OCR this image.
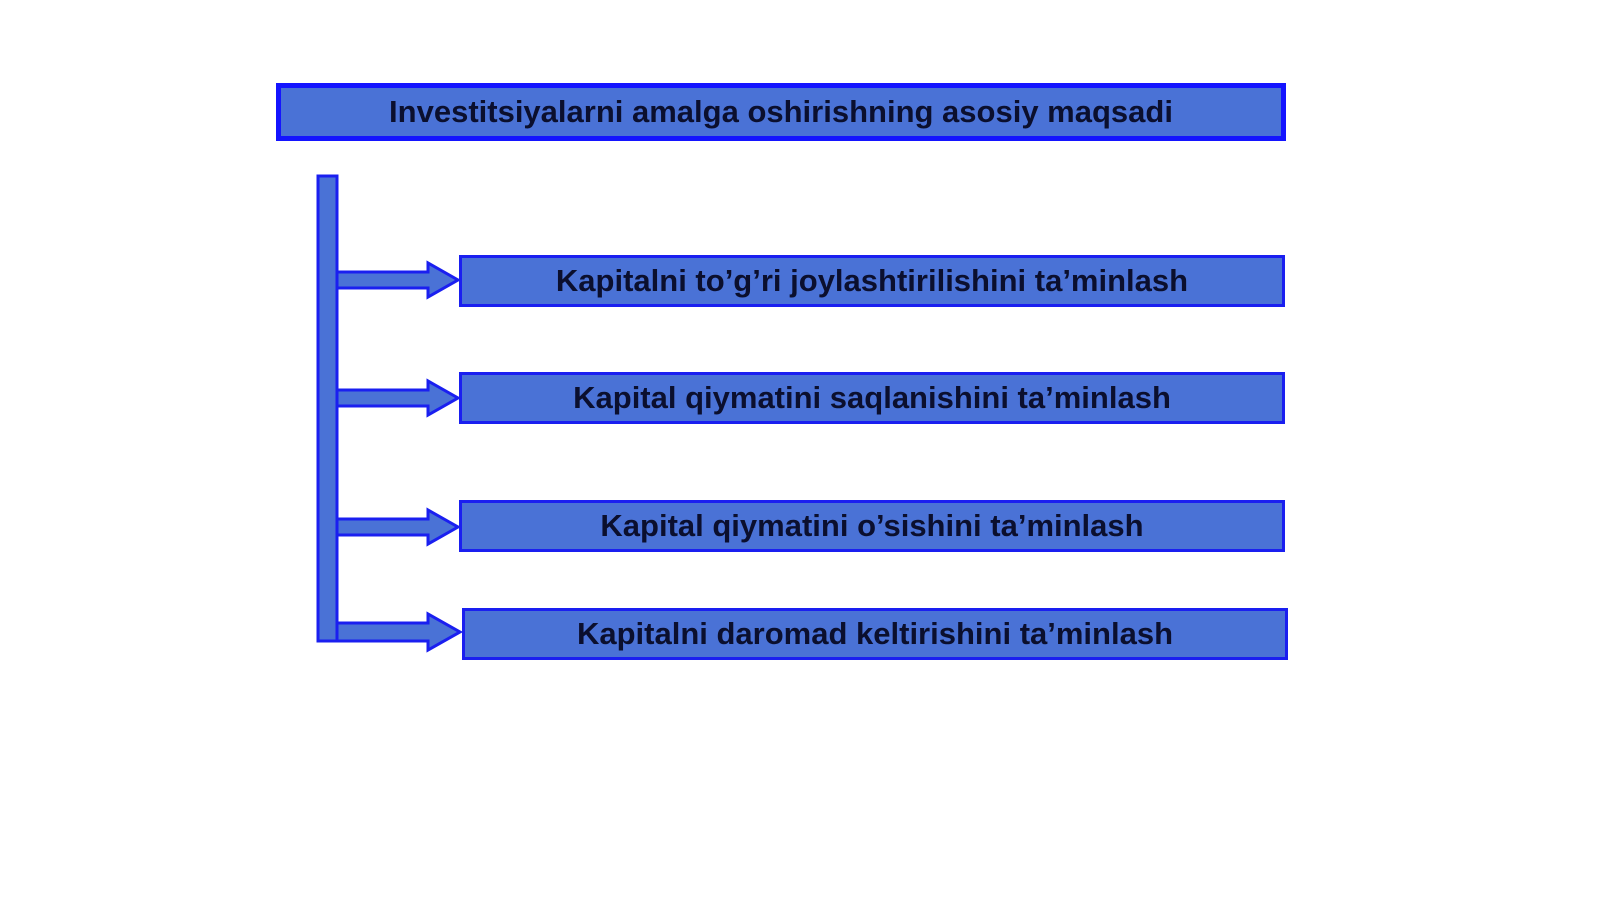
Investitsiyalarni amalga oshirishning asosiy maqsadi
Kapitalni to’g’ri joylashtirilishini ta’minlash
Kapital qiymatini saqlanishini ta’minlash
Kapital qiymatini o’sishini ta’minlash
Kapitalni daromad keltirishini ta’minlash
